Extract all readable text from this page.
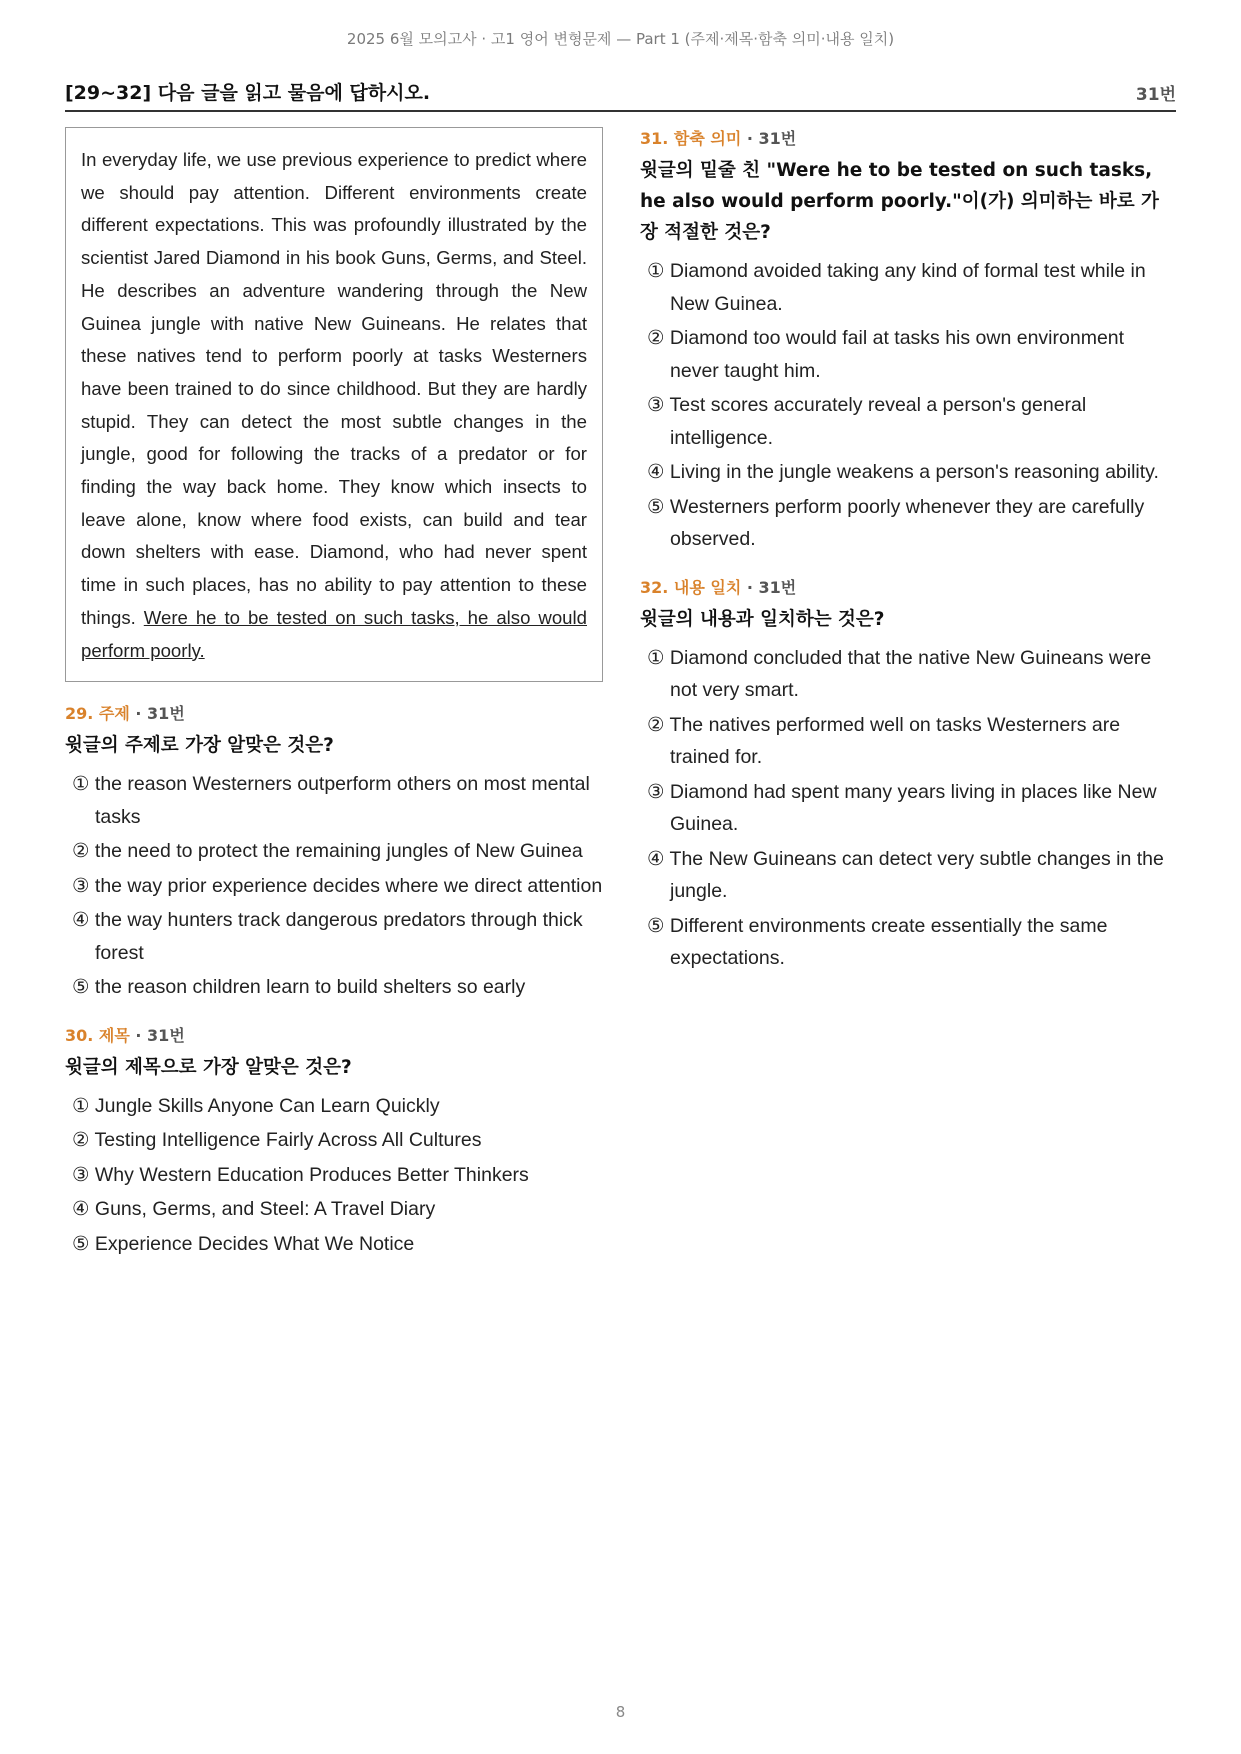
2025 6월 모의고사 · 고1 영어 변형문제 — Part 1 (주제·제목·함축 의미·내용 일치)
[29~32] 다음 글을 읽고 물음에 답하시오.	31번
In everyday life, we use previous experience to predict where we should pay attention. Different environments create different expectations. This was profoundly illustrated by the scientist Jared Diamond in his book Guns, Germs, and Steel. He describes an adventure wandering through the New Guinea jungle with native New Guineans. He relates that these natives tend to perform poorly at tasks Westerners have been trained to do since childhood. But they are hardly stupid. They can detect the most subtle changes in the jungle, good for following the tracks of a predator or for finding the way back home. They know which insects to leave alone, know where food exists, can build and tear down shelters with ease. Diamond, who had never spent time in such places, has no ability to pay attention to these things. Were he to be tested on such tasks, he also would perform poorly.
29. 주제 · 31번
윗글의 주제로 가장 알맞은 것은?
① the reason Westerners outperform others on most mental tasks
② the need to protect the remaining jungles of New Guinea
③ the way prior experience decides where we direct attention
④ the way hunters track dangerous predators through thick forest
⑤ the reason children learn to build shelters so early
30. 제목 · 31번
윗글의 제목으로 가장 알맞은 것은?
① Jungle Skills Anyone Can Learn Quickly
② Testing Intelligence Fairly Across All Cultures
③ Why Western Education Produces Better Thinkers
④ Guns, Germs, and Steel: A Travel Diary
⑤ Experience Decides What We Notice
31. 함축 의미 · 31번
윗글의 밑줄 친 "Were he to be tested on such tasks, he also would perform poorly."이(가) 의미하는 바로 가장 적절한 것은?
① Diamond avoided taking any kind of formal test while in New Guinea.
② Diamond too would fail at tasks his own environment never taught him.
③ Test scores accurately reveal a person's general intelligence.
④ Living in the jungle weakens a person's reasoning ability.
⑤ Westerners perform poorly whenever they are carefully observed.
32. 내용 일치 · 31번
윗글의 내용과 일치하는 것은?
① Diamond concluded that the native New Guineans were not very smart.
② The natives performed well on tasks Westerners are trained for.
③ Diamond had spent many years living in places like New Guinea.
④ The New Guineans can detect very subtle changes in the jungle.
⑤ Different environments create essentially the same expectations.
8
